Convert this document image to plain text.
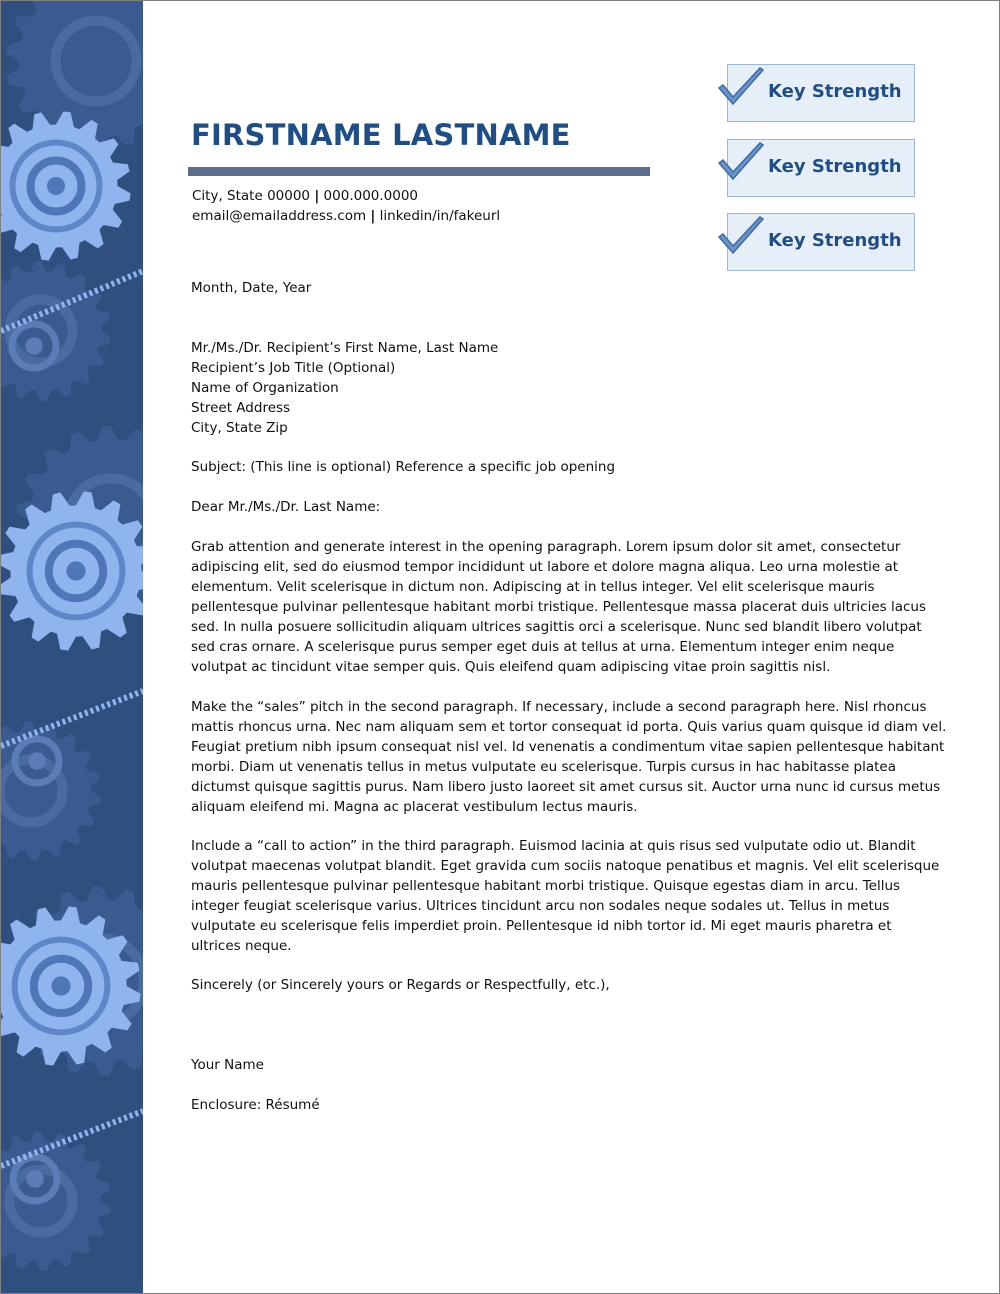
FIRSTNAME LASTNAME
City, State 00000 | 000.000.0000
email@emailaddress.com | linkedin/in/fakeurl
Key Strength
Key Strength
Key Strength

Month, Date, Year

Mr./Ms./Dr. Recipient’s First Name, Last Name

Recipient’s Job Title (Optional)

Name of Organization

Street Address

City, State Zip

Subject: (This line is optional) Reference a specific job opening

Dear Mr./Ms./Dr. Last Name:

Grab attention and generate interest in the opening paragraph. Lorem ipsum dolor sit amet, consectetur

adipiscing elit, sed do eiusmod tempor incididunt ut labore et dolore magna aliqua. Leo urna molestie at

elementum. Velit scelerisque in dictum non. Adipiscing at in tellus integer. Vel elit scelerisque mauris

pellentesque pulvinar pellentesque habitant morbi tristique. Pellentesque massa placerat duis ultricies lacus

sed. In nulla posuere sollicitudin aliquam ultrices sagittis orci a scelerisque. Nunc sed blandit libero volutpat

sed cras ornare. A scelerisque purus semper eget duis at tellus at urna. Elementum integer enim neque

volutpat ac tincidunt vitae semper quis. Quis eleifend quam adipiscing vitae proin sagittis nisl.

Make the “sales” pitch in the second paragraph. If necessary, include a second paragraph here. Nisl rhoncus

mattis rhoncus urna. Nec nam aliquam sem et tortor consequat id porta. Quis varius quam quisque id diam vel.

Feugiat pretium nibh ipsum consequat nisl vel. Id venenatis a condimentum vitae sapien pellentesque habitant

morbi. Diam ut venenatis tellus in metus vulputate eu scelerisque. Turpis cursus in hac habitasse platea

dictumst quisque sagittis purus. Nam libero justo laoreet sit amet cursus sit. Auctor urna nunc id cursus metus

aliquam eleifend mi. Magna ac placerat vestibulum lectus mauris.

Include a “call to action” in the third paragraph. Euismod lacinia at quis risus sed vulputate odio ut. Blandit

volutpat maecenas volutpat blandit. Eget gravida cum sociis natoque penatibus et magnis. Vel elit scelerisque

mauris pellentesque pulvinar pellentesque habitant morbi tristique. Quisque egestas diam in arcu. Tellus

integer feugiat scelerisque varius. Ultrices tincidunt arcu non sodales neque sodales ut. Tellus in metus

vulputate eu scelerisque felis imperdiet proin. Pellentesque id nibh tortor id. Mi eget mauris pharetra et

ultrices neque.

Sincerely (or Sincerely yours or Regards or Respectfully, etc.),

Your Name

Enclosure: Résumé
